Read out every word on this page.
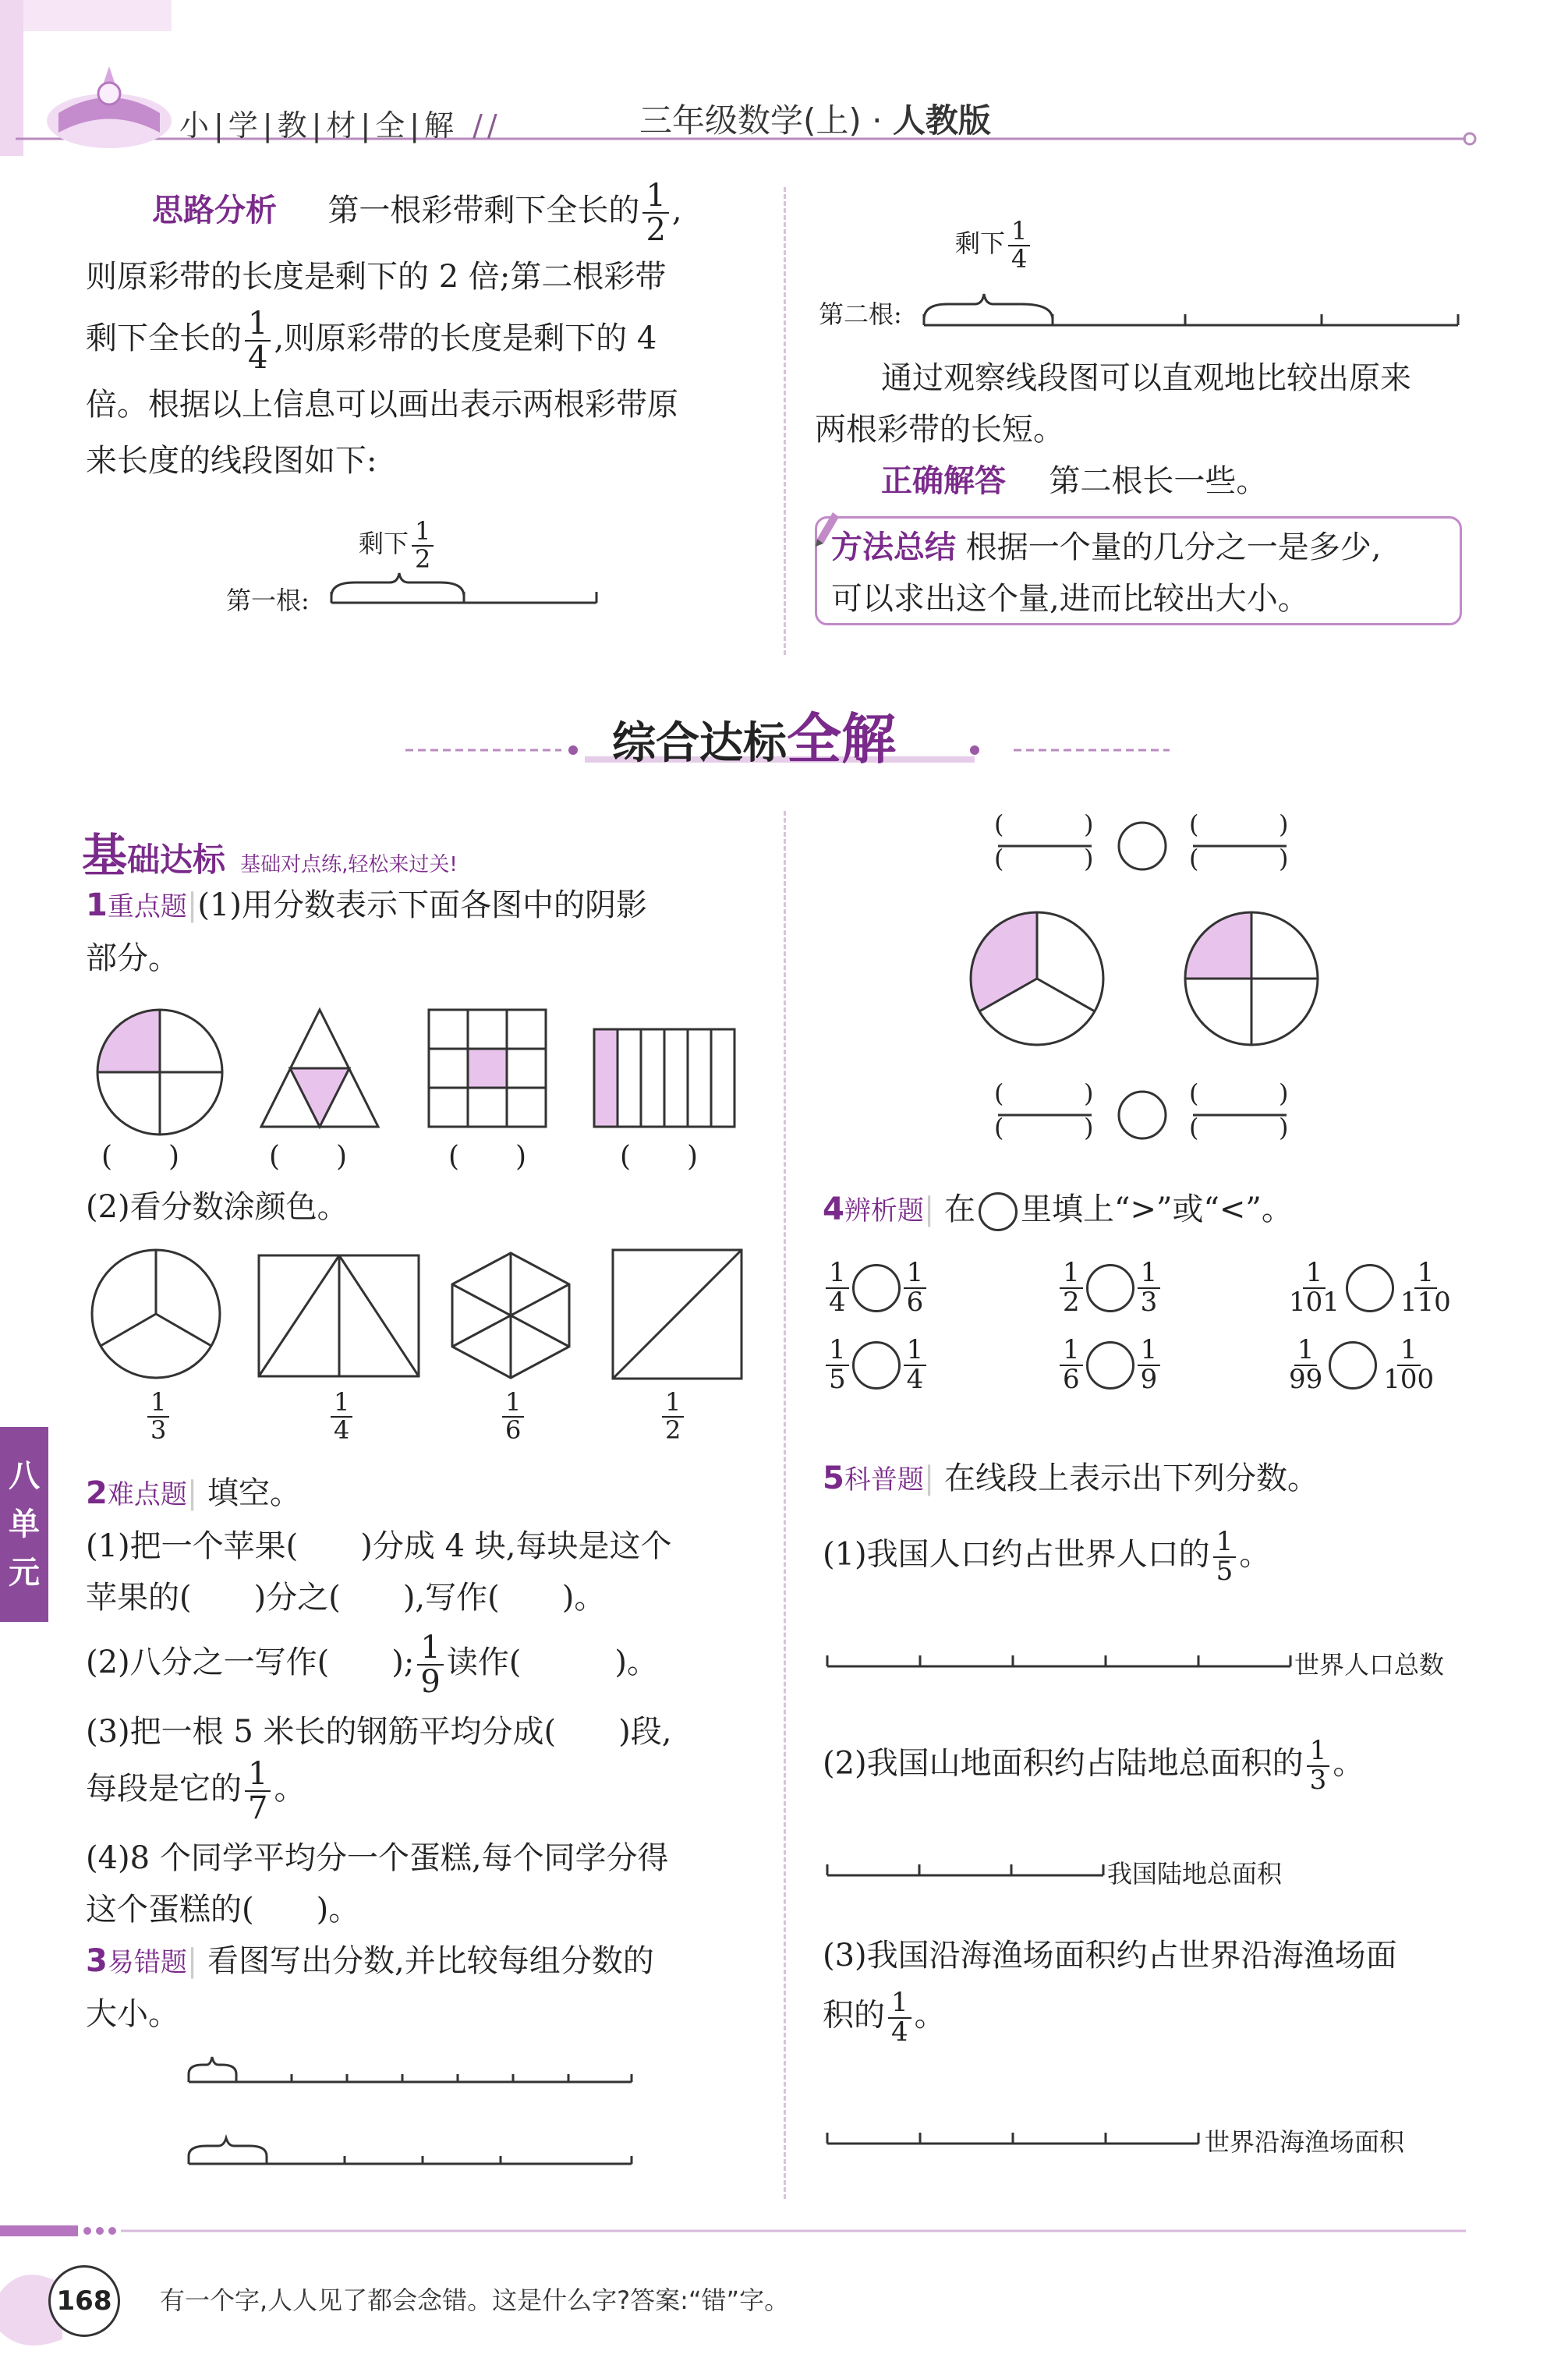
小|学|教|材|全|解 //	三年级数学(上) · 人教版
思路分析 第一根彩带剩下全长的 $\frac{1}{2}$ ,
则原彩带的长度是剩下的 2 倍;第二根彩带
剩下全长的 $\frac{1}{4}$ ,则原彩带的长度是剩下的 4
倍。根据以上信息可以画出表示两根彩带原
来长度的线段图如下:
剩下 $\frac{1}{2}$
第一根:
剩下 $\frac{1}{4}$
第二根:
通过观察线段图可以直观地比较出原来
两根彩带的长短。
正确解答 第二根长一些。
方法总结 根据一个量的几分之一是多少,
可以求出这个量,进而比较出大小。
综合达标全解
基础达标 基础对点练,轻松来过关!
1重点题|(1)用分数表示下面各图中的阴影
部分。
(　　)	(　　)	(　　)	(　　)
(2)看分数涂颜色。
$\frac{1}{3}$	$\frac{1}{4}$	$\frac{1}{6}$	$\frac{1}{2}$
2难点题| 填空。
(1)把一个苹果(　　)分成 4 块,每块是这个
苹果的(　　)分之(　　),写作(　　)。
(2)八分之一写作(　　); $\frac{1}{9}$ 读作(　　　)。
(3)把一根 5 米长的钢筋平均分成(　　)段,
每段是它的 $\frac{1}{7}$ 。
(4)8 个同学平均分一个蛋糕,每个同学分得
这个蛋糕的(　　)。
3易错题| 看图写出分数,并比较每组分数的
大小。
(	)
(	)
(	)
(	)
(	)
(	)
(	)
(	)
4辨析题| 在 里填上“>”或“<”。
$\frac{1}{4} \frac{1}{6}$	$\frac{1}{2} \frac{1}{3}$	$\frac{1}{101} \frac{1}{110}$
$\frac{1}{5} \frac{1}{4}$	$\frac{1}{6} \frac{1}{9}$	$\frac{1}{99} \frac{1}{100}$
5科普题| 在线段上表示出下列分数。
(1)我国人口约占世界人口的 $\frac{1}{5}$ 。
世界人口总数
(2)我国山地面积约占陆地总面积的 $\frac{1}{3}$ 。
我国陆地总面积
(3)我国沿海渔场面积约占世界沿海渔场面
积的 $\frac{1}{4}$ 。
世界沿海渔场面积
八
单
元
168	有一个字,人人见了都会念错。这是什么字?答案:“错”字。
